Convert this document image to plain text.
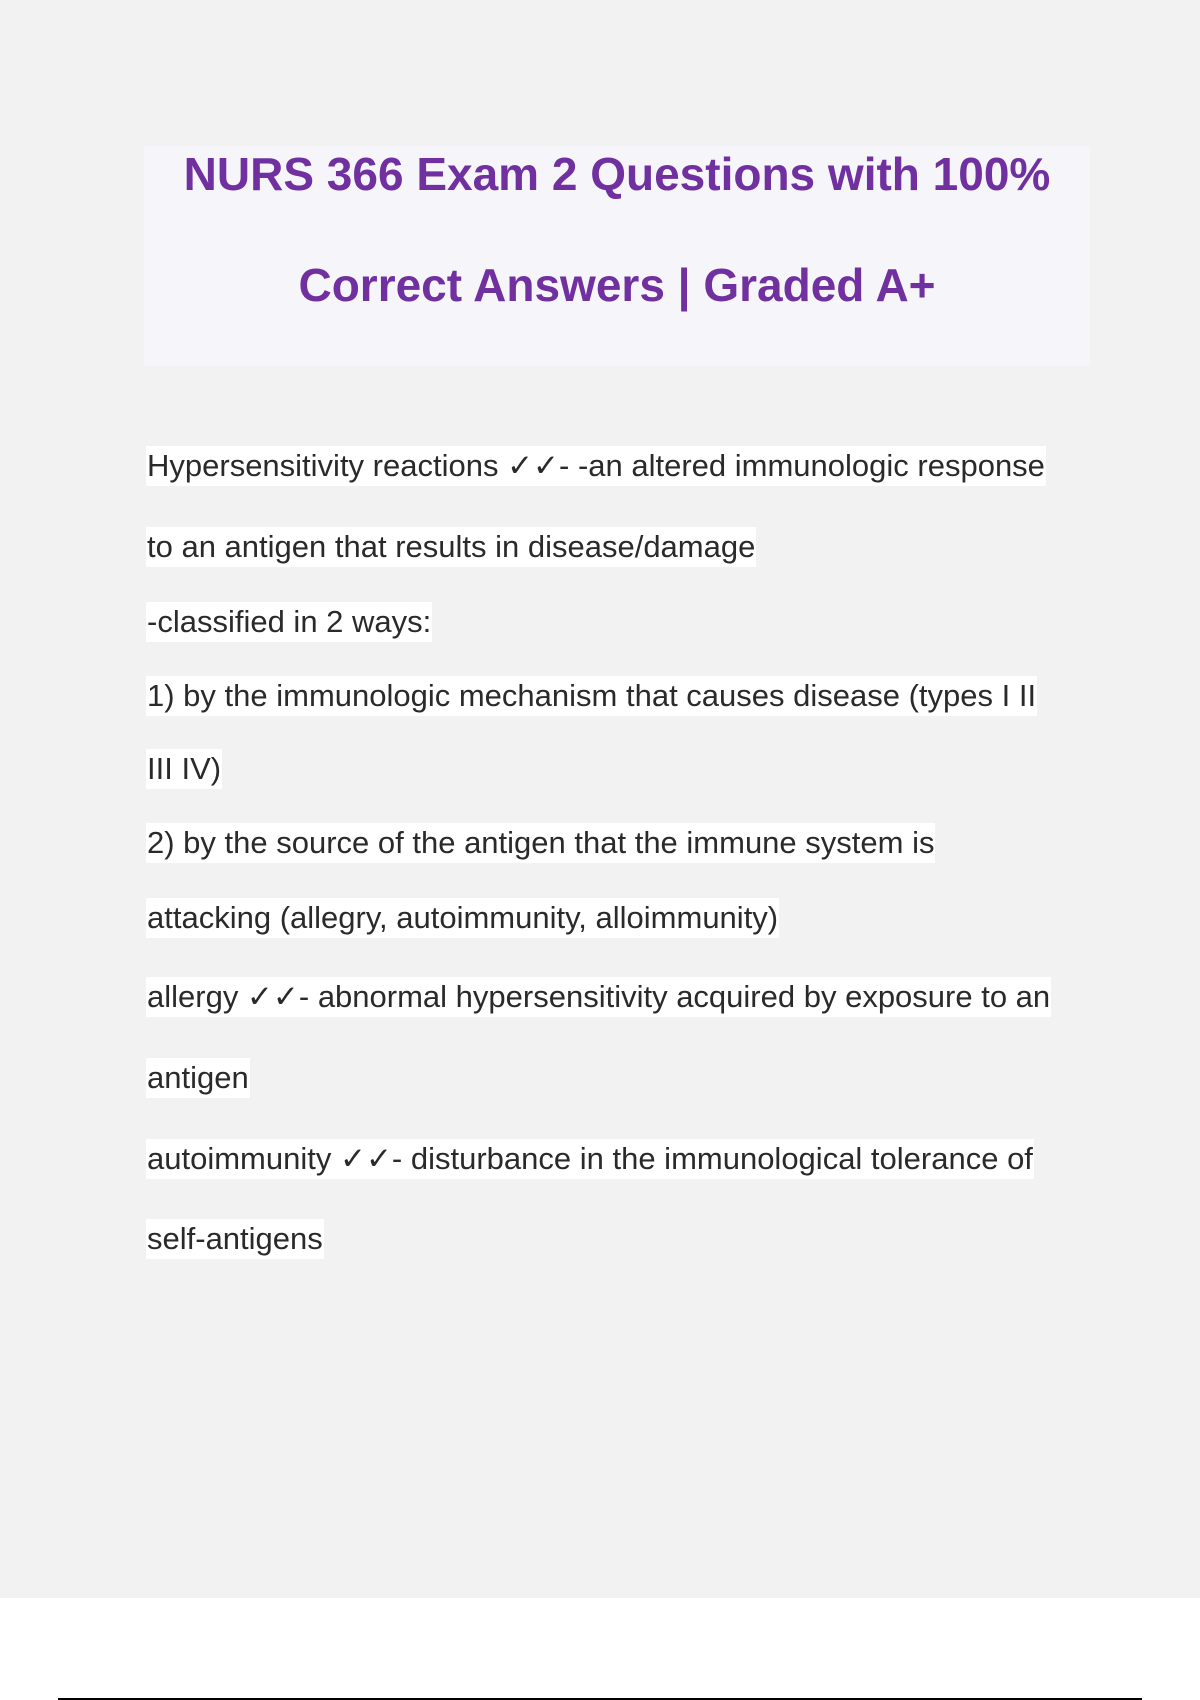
NURS 366 Exam 2 Questions with 100%
Correct Answers | Graded A+
Hypersensitivity reactions ✓✓- -an altered immunologic response
to an antigen that results in disease/damage
-classified in 2 ways:
1) by the immunologic mechanism that causes disease (types I II
III IV)
2) by the source of the antigen that the immune system is
attacking (allegry, autoimmunity, alloimmunity)
allergy ✓✓- abnormal hypersensitivity acquired by exposure to an
antigen
autoimmunity ✓✓- disturbance in the immunological tolerance of
self-antigens
